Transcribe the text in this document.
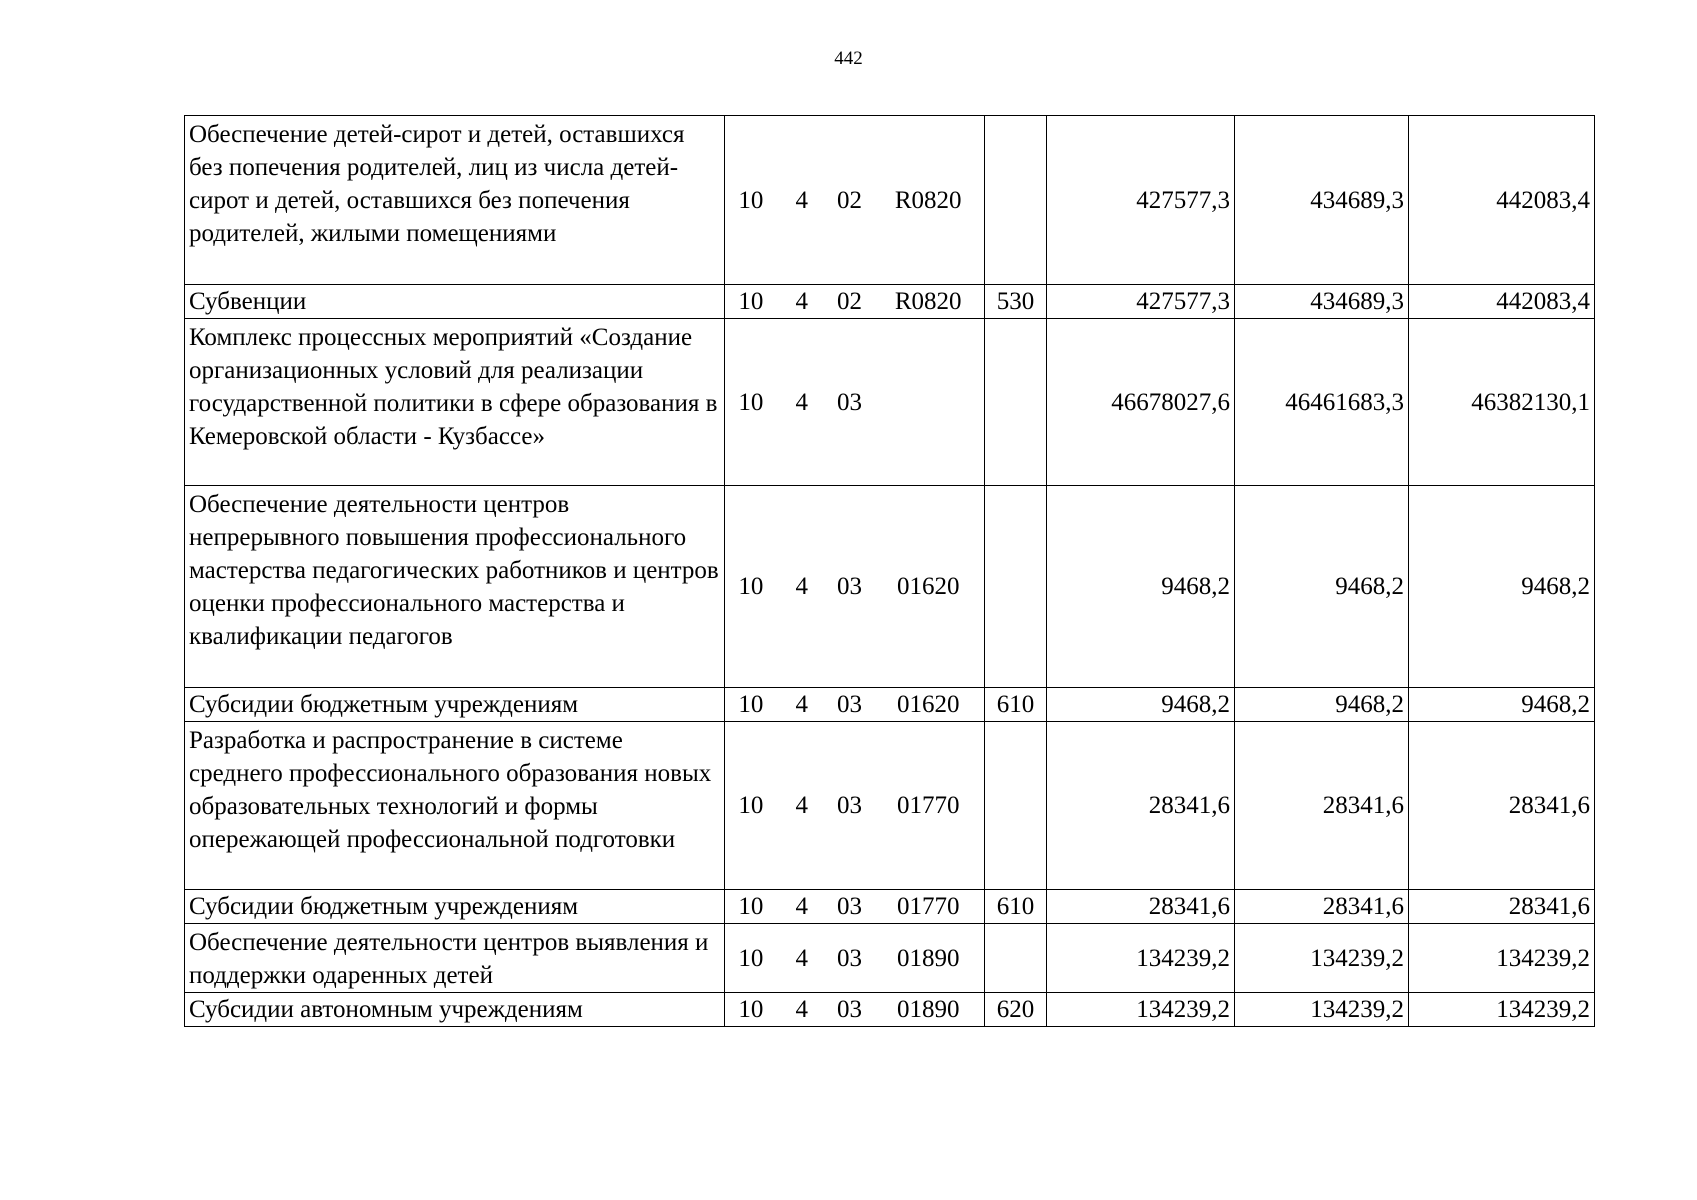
442
Обеспечение детей-сирот и детей, оставшихся без попечения родителей, лиц из числа детей-сирот и детей, оставшихся без попечения родителей, жилыми помещениями	10 4 02 R0820		427577,3	434689,3	442083,4
Субвенции	10 4 02 R0820	530	427577,3	434689,3	442083,4
Комплекс процессных мероприятий «Создание организационных условий для реализации государственной политики в сфере образования в Кемеровской области - Кузбассе»	10 4 03		46678027,6	46461683,3	46382130,1
Обеспечение деятельности центров непрерывного повышения профессионального мастерства педагогических работников и центров оценки профессионального мастерства и квалификации педагогов	10 4 03 01620		9468,2	9468,2	9468,2
Субсидии бюджетным учреждениям	10 4 03 01620	610	9468,2	9468,2	9468,2
Разработка и распространение в системе среднего профессионального образования новых образовательных технологий и формы опережающей профессиональной подготовки	10 4 03 01770		28341,6	28341,6	28341,6
Субсидии бюджетным учреждениям	10 4 03 01770	610	28341,6	28341,6	28341,6
Обеспечение деятельности центров выявления и поддержки одаренных детей	10 4 03 01890		134239,2	134239,2	134239,2
Субсидии автономным учреждениям	10 4 03 01890	620	134239,2	134239,2	134239,2
